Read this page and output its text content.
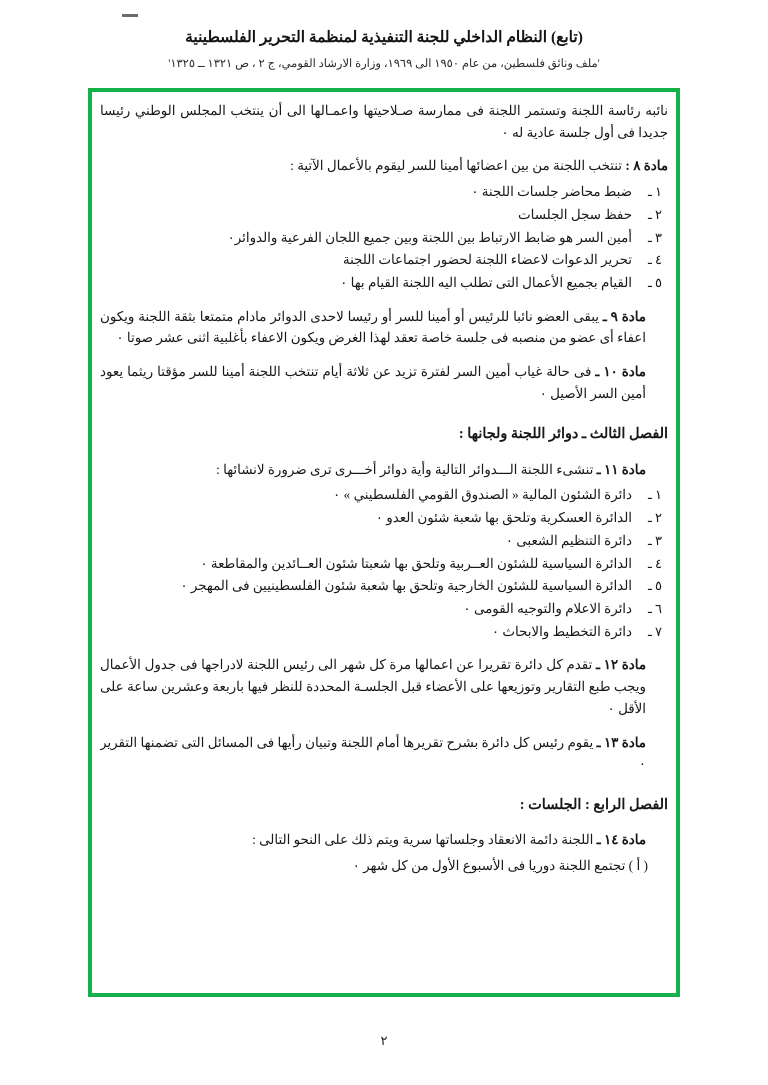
(تابع) النظام الداخلي للجنة التنفيذية لمنظمة التحرير الفلسطينية
'ملف ونائق فلسطين، من عام ١٩٥٠ الى ١٩٦٩، وزارة الارشاد القومي، ج ٢ ، ص ١٣٢١ ــ ١٣٢٥'

نائبه رئاسة اللجنة وتستمر اللجنة فى ممارسة صـلاحيتها واعمـالها الى أن ينتخب المجلس الوطني رئيسا جديدا فى أول جلسة عادية له ٠

مادة ٨ : تنتخب اللجنة من بين اعضائها أمينا للسر ليقوم بالأعمال الآتية :

١ ـ
ضبط محاضر جلسات اللجنة ٠
٢ ـ
حفظ سجل الجلسات
٣ ـ
أمين السر هو ضابط الارتباط بين اللجنة وبين جميع اللجان الفرعية والدوائر٠
٤ ـ
تحرير الدعوات لاعضاء اللجنة لحضور اجتماعات اللجنة
٥ ـ
القيام بجميع الأعمال التى تطلب اليه اللجنة القيام بها ٠

مادة ٩ ـ يبقى العضو نائبا للرئيس أو أمينا للسر أو رئيسا لاحدى الدوائر مادام متمتعا بثقة اللجنة ويكون اعفاء أى عضو من منصبه فى جلسة خاصة تعقد لهذا الغرض ويكون الاعفاء بأغلبية اثنى عشر صوتا ٠

مادة ١٠ ـ فى حالة غياب أمين السر لفترة تزيد عن ثلاثة أيام تنتخب اللجنة أمينا للسر مؤقتا ريثما يعود أمين السر الأصيل ٠

الفصل الثالث ـ دوائر اللجنة ولجانها :

مادة ١١ ـ تنشىء اللجنة الـــدوائر التالية وأية دوائر أخـــرى ترى ضرورة لانشائها :

١ ـ
دائرة الشئون المالية « الصندوق القومي الفلسطيني » ٠
٢ ـ
الدائرة العسكرية وتلحق بها شعبة شئون العدو ٠
٣ ـ
دائرة التنظيم الشعبى ٠
٤ ـ
الدائرة السياسية للشئون العــربية وتلحق بها شعبتا شئون العــائدين والمقاطعة ٠
٥ ـ
الدائرة السياسية للشئون الخارجية وتلحق بها شعبة شئون الفلسطينيين فى المهجر ٠
٦ ـ
دائرة الاعلام والتوجيه القومى ٠
٧ ـ
دائرة التخطيط والابحاث ٠

مادة ١٢ ـ تقدم كل دائرة تقريرا عن اعمالها مرة كل شهر الى رئيس اللجنة لادراجها فى جدول الأعمال ويجب طبع التقارير وتوزيعها على الأعضاء قبل الجلسـة المحددة للنظر فيها باربعة وعشرين ساعة على الأقل ٠

مادة ١٣ ـ يقوم رئيس كل دائرة بشرح تقريرها أمام اللجنة وتبيان رأيها فى المسائل التى تضمنها التقرير ٠

الفصل الرابع : الجلسات :

مادة ١٤ ـ اللجنة دائمة الانعقاد وجلساتها سرية ويتم ذلك على النحو التالى :

( أ ) تجتمع اللجنة دوريا فى الأسبوع الأول من كل شهر ٠

٢
